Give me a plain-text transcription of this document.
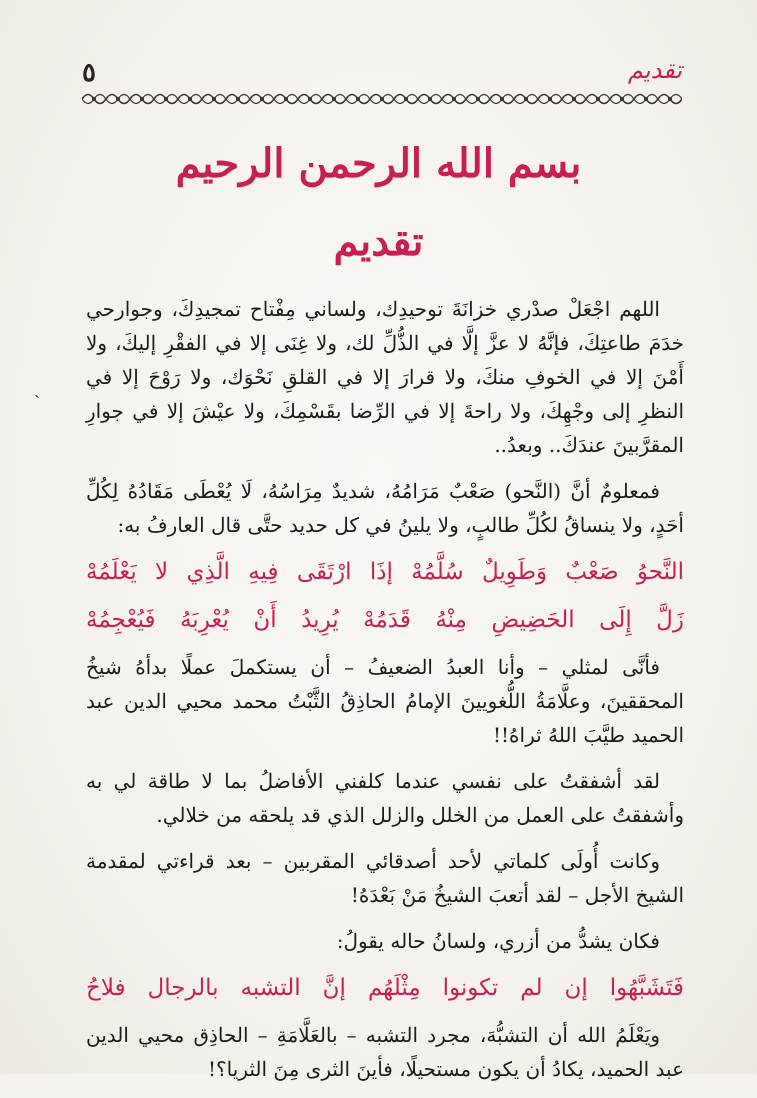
٥	تقديم
بسم الله الرحمن الرحيم
تقديم

اللهم اجْعَلْ صدْري خزانَةَ توحيدِك، ولساني مِفْتاح تمجيدِكَ، وجوارحي خدَمَ طاعتِكَ، فإنَّهُ لا عزَّ إلَّا في الذُّلِّ لك، ولا غِنَى إلا في الفقْرِ إليكَ، ولا أَمْنَ إلا في الخوفِ منكَ، ولا قرارَ إلا في القلقِ نَحْوَك، ولا رَوْحَ إلا في النظرِ إلى وجْهِكَ، ولا راحةَ إلا في الرِّضا بقَسْمِكَ، ولا عيْشَ إلا في جوارِ المقرَّبينَ عندَكَ.. وبعدُ..

فمعلومٌ أنَّ (النَّحو) صَعْبٌ مَرَامُهُ، شديدٌ مِرَاسُهُ، لَا يُعْطَى مَقَادُهُ لِكُلِّ أحَدٍ، ولا ينساقُ لكُلِّ طالبٍ، ولا يلينُ في كل حديد حتَّى قال العارفُ به:

النَّحوُ صَعْبٌ وَطَوِيلٌ سُلَّمُهْ إذَا ارْتَقَى فِيهِ الَّذِي لا يَعْلَمُهْ

زَلَّ إِلَى الحَضِيضِ مِنْهُ قَدَمُهْ يُرِيدُ أَنْ يُعْرِبَهُ فَيُعْجِمُهْ

فأنَّى لمثلي – وأنا العبدُ الضعيفُ – أن يستكملَ عملًا بدأهُ شيخُ المحققينَ، وعلَّامَةُ اللُّغويينَ الإمامُ الحاذِقُ الثَّبْتُ محمد محيي الدين عبد الحميد طيَّبَ اللهُ ثراهُ!!

لقد أشفقتُ على نفسي عندما كلفني الأفاضلُ بما لا طاقة لي به وأشفقتُ على العمل من الخلل والزلل الذي قد يلحقه من خلالي.

وكانت أُولَى كلماتي لأحد أصدقائي المقربين – بعد قراءتي لمقدمة الشيخ الأجل – لقد أتعبَ الشيخُ مَنْ بَعْدَهُ!

فكان يشدُّ من أزري، ولسانُ حاله يقولُ:

فَتَشَبَّهُوا إن لم تكونوا مِثْلَهُم إنَّ التشبه بالرجال فلاحُ

ويَعْلَمُ الله أن التشبُّهَ، مجرد التشبه – بالعَلَّامَةِ – الحاذِق محيي الدين عبد الحميد، يكادُ أن يكون مستحيلًا، فأينَ الثرى مِنَ الثريا؟!

ˏ
